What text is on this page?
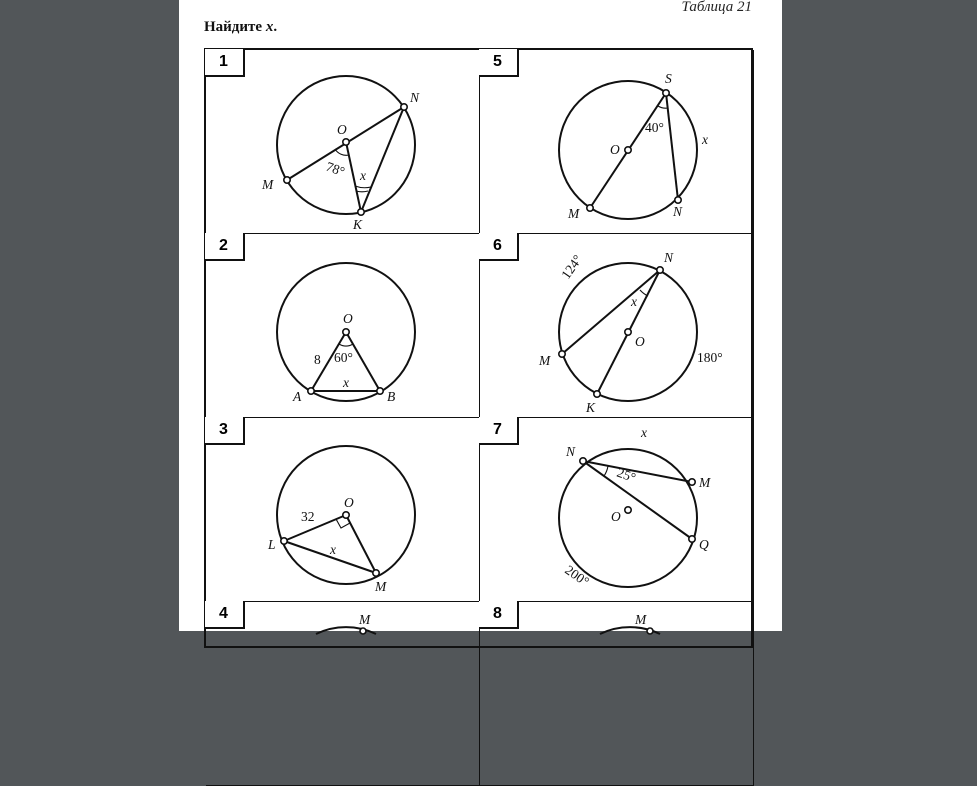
Таблица 21
Найдите x.
1
O
N
M
K
x
78°
5
S
O
M	N
x
40°
2
O
A	B
x
8 60°
6
N
O
M
K
x
124°
180°
3
O
L
M
x
32
7
N
M
Q
O
x
25°
200°
4	M	8	M
